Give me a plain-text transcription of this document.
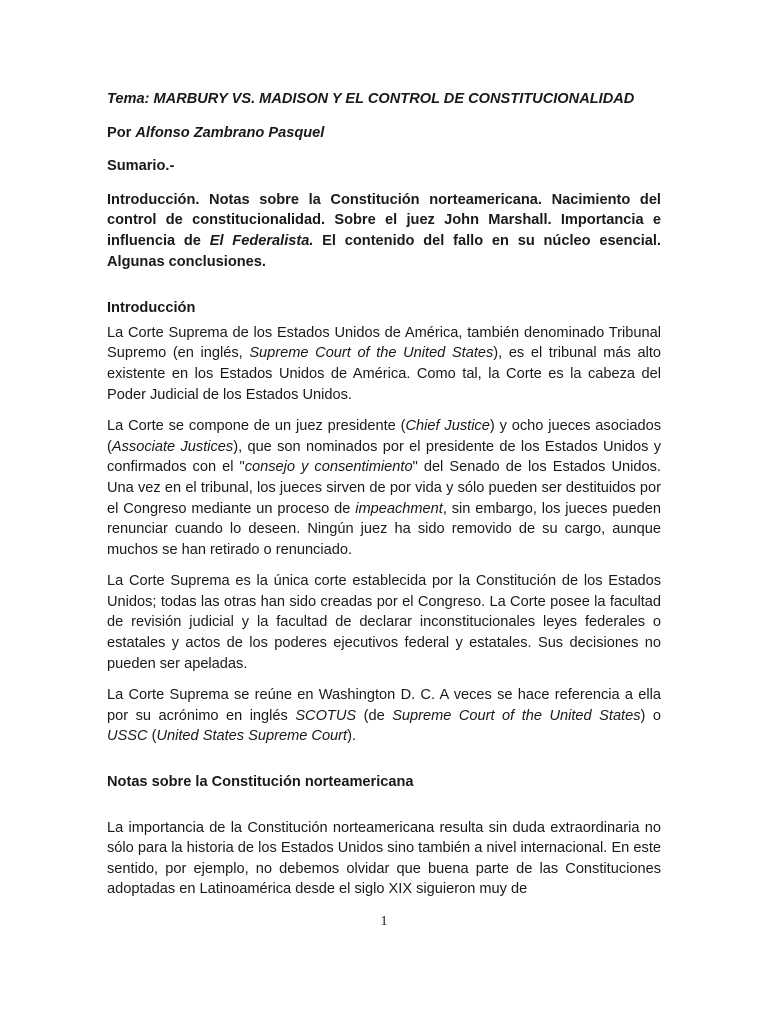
Tema: MARBURY VS. MADISON Y EL CONTROL DE CONSTITUCIONALIDAD

Por Alfonso Zambrano Pasquel

Sumario.-

Introducción. Notas sobre la Constitución norteamericana. Nacimiento del control de constitucionalidad. Sobre el juez John Marshall. Importancia e influencia de El Federalista. El contenido del fallo en su núcleo esencial. Algunas conclusiones.

Introducción

La Corte Suprema de los Estados Unidos de América, también denominado Tribunal Supremo (en inglés, Supreme Court of the United States), es el tribunal más alto existente en los Estados Unidos de América. Como tal, la Corte es la cabeza del Poder Judicial de los Estados Unidos.

La Corte se compone de un juez presidente (Chief Justice) y ocho jueces asociados (Associate Justices), que son nominados por el presidente de los Estados Unidos y confirmados con el "consejo y consentimiento" del Senado de los Estados Unidos. Una vez en el tribunal, los jueces sirven de por vida y sólo pueden ser destituidos por el Congreso mediante un proceso de impeachment, sin embargo, los jueces pueden renunciar cuando lo deseen. Ningún juez ha sido removido de su cargo, aunque muchos se han retirado o renunciado.

La Corte Suprema es la única corte establecida por la Constitución de los Estados Unidos; todas las otras han sido creadas por el Congreso. La Corte posee la facultad de revisión judicial y la facultad de declarar inconstitucionales leyes federales o estatales y actos de los poderes ejecutivos federal y estatales. Sus decisiones no pueden ser apeladas.

La Corte Suprema se reúne en Washington D. C. A veces se hace referencia a ella por su acrónimo en inglés SCOTUS (de Supreme Court of the United States) o USSC (United States Supreme Court).

Notas sobre la Constitución norteamericana

La importancia de la Constitución norteamericana resulta sin duda extraordinaria no sólo para la historia de los Estados Unidos sino también a nivel internacional. En este sentido, por ejemplo, no debemos olvidar que buena parte de las Constituciones adoptadas en Latinoamérica desde el siglo XIX siguieron muy de

1
